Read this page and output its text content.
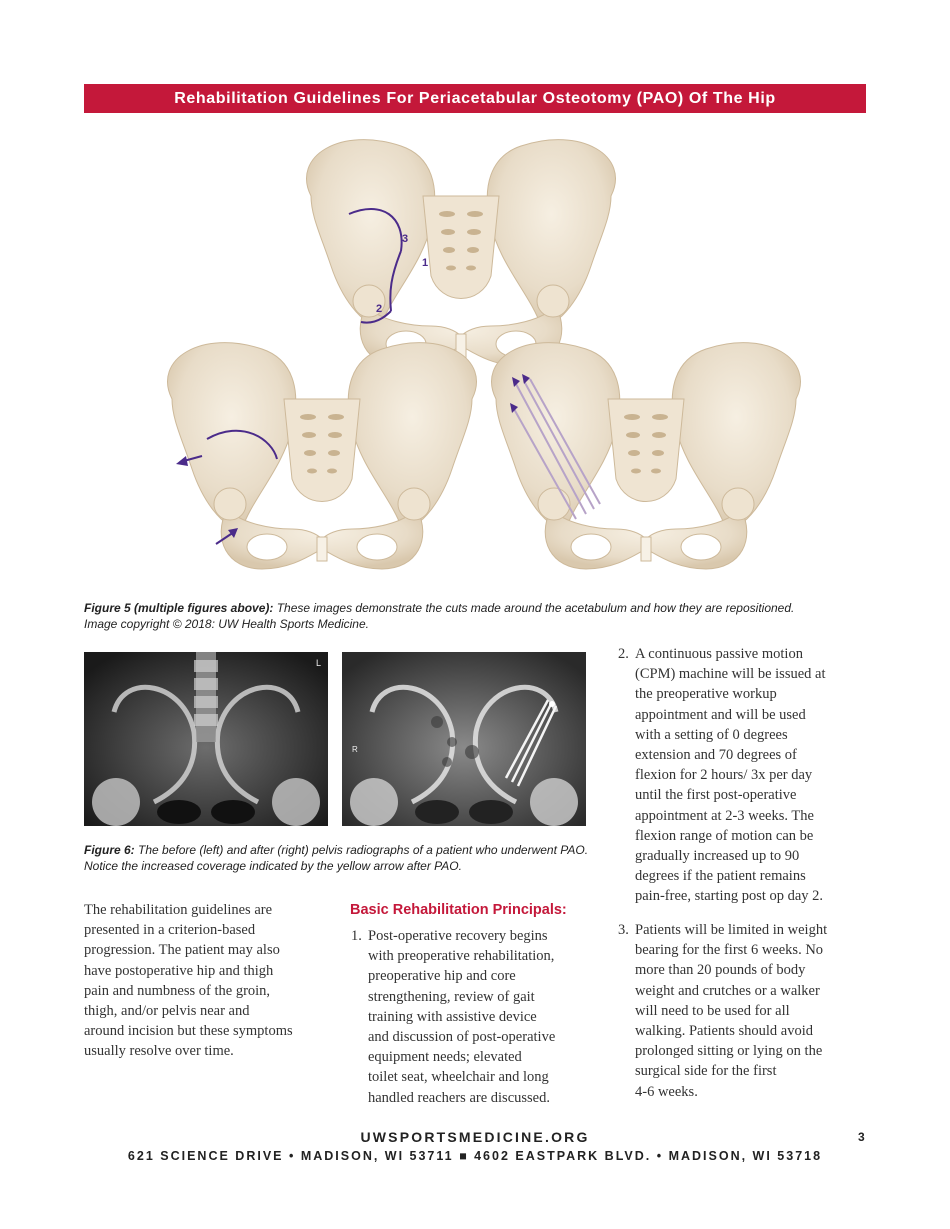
Rehabilitation Guidelines For Periacetabular Osteotomy (PAO) Of The Hip
3
1
2
Figure 5 (multiple figures above): These images demonstrate the cuts made around the acetabulum and how they are repositioned.
Image copyright © 2018: UW Health Sports Medicine.
L
R
Figure 6: The before (left) and after (right) pelvis radiographs of a patient who underwent PAO.
Notice the increased coverage indicated by the yellow arrow after PAO.
The rehabilitation guidelines are
presented in a criterion-based
progression. The patient may also
have postoperative hip and thigh
pain and numbness of the groin,
thigh, and/or pelvis near and
around incision but these symptoms
usually resolve over time.
Basic Rehabilitation Principals:
1. Post-operative recovery begins
with preoperative rehabilitation,
preoperative hip and core
strengthening, review of gait
training with assistive device
and discussion of post-operative
equipment needs; elevated
toilet seat, wheelchair and long
handled reachers are discussed.
2. A continuous passive motion
(CPM) machine will be issued at
the preoperative workup
appointment and will be used
with a setting of 0 degrees
extension and 70 degrees of
flexion for 2 hours/ 3x per day
until the first post-operative
appointment at 2-3 weeks. The
flexion range of motion can be
gradually increased up to 90
degrees if the patient remains
pain-free, starting post op day 2.
3. Patients will be limited in weight
bearing for the first 6 weeks. No
more than 20 pounds of body
weight and crutches or a walker
will need to be used for all
walking. Patients should avoid
prolonged sitting or lying on the
surgical side for the first
4-6 weeks.
UWSPORTSMEDICINE.ORG	3
621 SCIENCE DRIVE • MADISON, WI 53711 ■ 4602 EASTPARK BLVD. • MADISON, WI 53718
